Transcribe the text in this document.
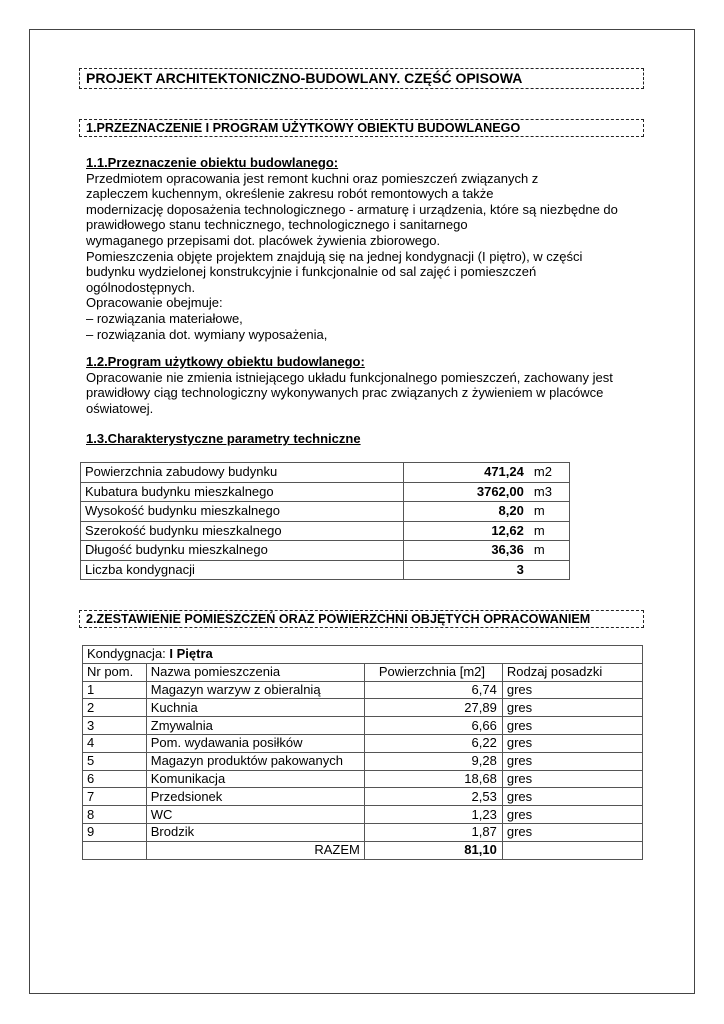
PROJEKT ARCHITEKTONICZNO-BUDOWLANY. CZĘŚĆ OPISOWA
1.PRZEZNACZENIE I PROGRAM UŻYTKOWY OBIEKTU BUDOWLANEGO
1.1.Przeznaczenie obiektu budowlanego:
Przedmiotem opracowania jest remont kuchni oraz pomieszczeń związanych z
zapleczem kuchennym, określenie zakresu robót remontowych a także
modernizację doposażenia technologicznego - armaturę i urządzenia, które są niezbędne do
prawidłowego stanu technicznego, technologicznego i sanitarnego
wymaganego przepisami dot. placówek żywienia zbiorowego.
Pomieszczenia objęte projektem znajdują się na jednej kondygnacji (I piętro), w części
budynku wydzielonej konstrukcyjnie i funkcjonalnie od sal zajęć i pomieszczeń
ogólnodostępnych.
Opracowanie obejmuje:
– rozwiązania materiałowe,
– rozwiązania dot. wymiany wyposażenia,
1.2.Program użytkowy obiektu budowlanego:
Opracowanie nie zmienia istniejącego układu funkcjonalnego pomieszczeń, zachowany jest
prawidłowy ciąg technologiczny wykonywanych prac związanych z żywieniem w placówce
oświatowej.
1.3.Charakterystyczne parametry techniczne
Powierzchnia zabudowy budynku	471,24	m2
Kubatura budynku mieszkalnego	3762,00	m3
Wysokość budynku mieszkalnego	8,20	m
Szerokość budynku mieszkalnego	12,62	m
Długość budynku mieszkalnego	36,36	m
Liczba kondygnacji	3	
2.ZESTAWIENIE POMIESZCZEŃ ORAZ POWIERZCHNI OBJĘTYCH OPRACOWANIEM
Kondygnacja: I Piętra			
Nr pom.	Nazwa pomieszczenia	Powierzchnia [m2]	Rodzaj posadzki
1	Magazyn warzyw z obieralnią	6,74	gres
2	Kuchnia	27,89	gres
3	Zmywalnia	6,66	gres
4	Pom. wydawania posiłków	6,22	gres
5	Magazyn produktów pakowanych	9,28	gres
6	Komunikacja	18,68	gres
7	Przedsionek	2,53	gres
8	WC	1,23	gres
9	Brodzik	1,87	gres
	RAZEM	81,10	
